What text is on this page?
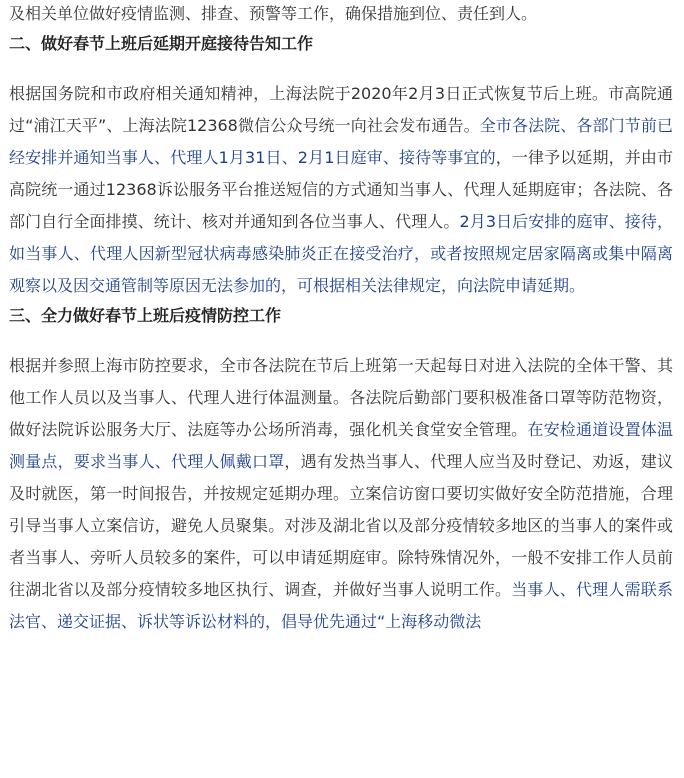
及相关单位做好疫情监测、排查、预警等工作，确保措施到位、责任到人。

二、做好春节上班后延期开庭接待告知工作

根据国务院和市政府相关通知精神，上海法院于2020年2月3日正式恢复节后上班。市高院通过“浦江天平”、上海法院12368微信公众号统一向社会发布通告。全市各法院、各部门节前已经安排并通知当事人、代理人1月31日、2月1日庭审、接待等事宜的，一律予以延期，并由市高院统一通过12368诉讼服务平台推送短信的方式通知当事人、代理人延期庭审；各法院、各部门自行全面排摸、统计、核对并通知到各位当事人、代理人。2月3日后安排的庭审、接待，如当事人、代理人因新型冠状病毒感染肺炎正在接受治疗，或者按照规定居家隔离或集中隔离观察以及因交通管制等原因无法参加的，可根据相关法律规定，向法院申请延期。

三、全力做好春节上班后疫情防控工作

根据并参照上海市防控要求，全市各法院在节后上班第一天起每日对进入法院的全体干警、其他工作人员以及当事人、代理人进行体温测量。各法院后勤部门要积极准备口罩等防范物资，做好法院诉讼服务大厅、法庭等办公场所消毒，强化机关食堂安全管理。在安检通道设置体温测量点，要求当事人、代理人佩戴口罩，遇有发热当事人、代理人应当及时登记、劝返，建议及时就医，第一时间报告，并按规定延期办理。立案信访窗口要切实做好安全防范措施，合理引导当事人立案信访，避免人员聚集。对涉及湖北省以及部分疫情较多地区的当事人的案件或者当事人、旁听人员较多的案件，可以申请延期庭审。除特殊情况外，一般不安排工作人员前往湖北省以及部分疫情较多地区执行、调查，并做好当事人说明工作。当事人、代理人需联系法官、递交证据、诉状等诉讼材料的，倡导优先通过“上海移动微法
